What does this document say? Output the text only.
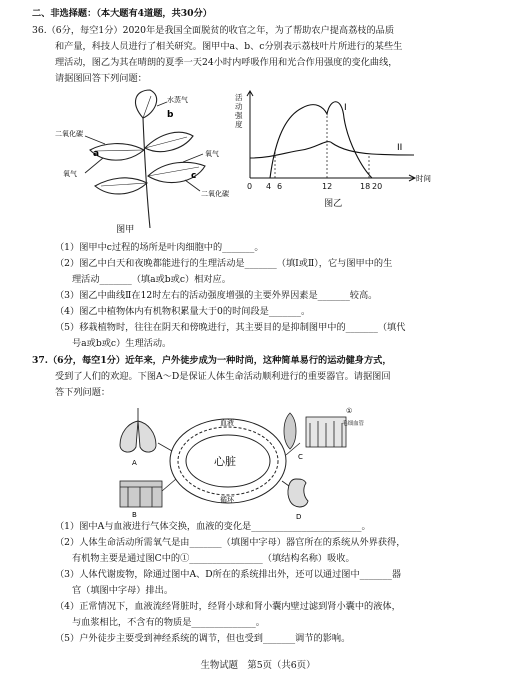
二、非选择题：（本大题有4道题，共30分）
36.（6分，每空1分）2020年是我国全面脱贫的收官之年，为了帮助农户提高荔枝的品质
和产量，科技人员进行了相关研究。图甲中a、b、c分别表示荔枝叶片所进行的某些生
理活动，图乙为其在晴朗的夏季一天24小时内呼吸作用和光合作用强度的变化曲线，
请据图回答下列问题：
水蒸气
b
二氧化碳
a
氧气
氧气
c
二氧化碳
图甲
活
动
强
度
I
II
0 4 6	12	18 20
时间
图乙
（1）图甲中c过程的场所是叶肉细胞中的_______。
（2）图乙中白天和夜晚都能进行的生理活动是_______（填Ⅰ或Ⅱ），它与图甲中的生
理活动_______（填a或b或c）相对应。
（3）图乙中曲线Ⅱ在12时左右的活动强度增强的主要外界因素是_______较高。
（4）图乙中植物体内有机物积累量大于0的时间段是_______。
（5）移栽植物时，往往在阴天和傍晚进行，其主要目的是抑制图甲中的_______（填代
号a或b或c）生理活动。
37.（6分，每空1分）近年来，户外徒步成为一种时尚，这种简单易行的运动健身方式，
受到了人们的欢迎。下图A～D是保证人体生命活动顺利进行的重要器官。请据图回
答下列问题：
A
B
心脏
血液
循环
①
毛细血管
C
D
（1）图中A与血液进行气体交换，血液的变化是________________________。
（2）人体生命活动所需氧气是由_______（填图中字母）器官所在的系统从外界获得，
有机物主要是通过图C中的①________________（填结构名称）吸收。
（3）人体代谢废物，除通过图中A、D所在的系统排出外，还可以通过图中_______器
官（填图中字母）排出。
（4）正常情况下，血液流经肾脏时，经肾小球和肾小囊内壁过滤到肾小囊中的液体，
与血浆相比，不含有的物质是______________。
（5）户外徒步主要受到神经系统的调节，但也受到_______调节的影响。
生物试题　第5页（共6页）
